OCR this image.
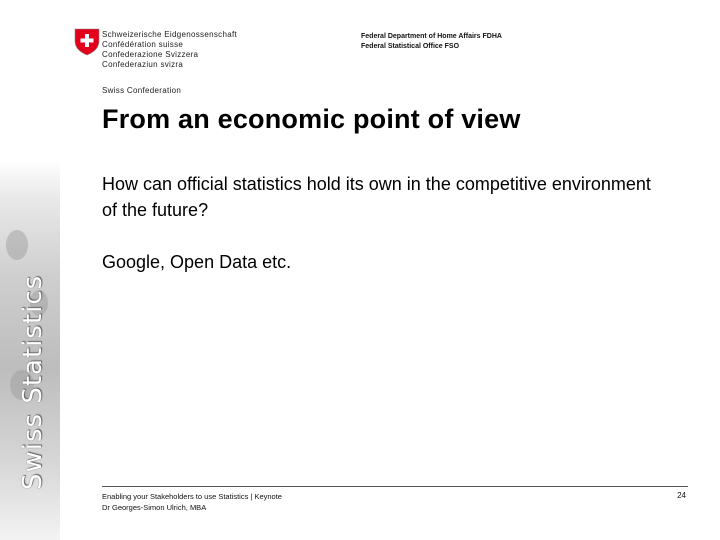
Swiss Statistics
Schweizerische Eidgenossenschaft
Confédération suisse
Confederazione Svizzera
Confederaziun svizra
Swiss Confederation
Federal Department of Home Affairs FDHA
Federal Statistical Office FSO
From an economic point of view

How can official statistics hold its own in the competitive environment of the future?

Google, Open Data etc.

Enabling your Stakeholders to use Statistics | Keynote
Dr Georges-Simon Ulrich, MBA
24
